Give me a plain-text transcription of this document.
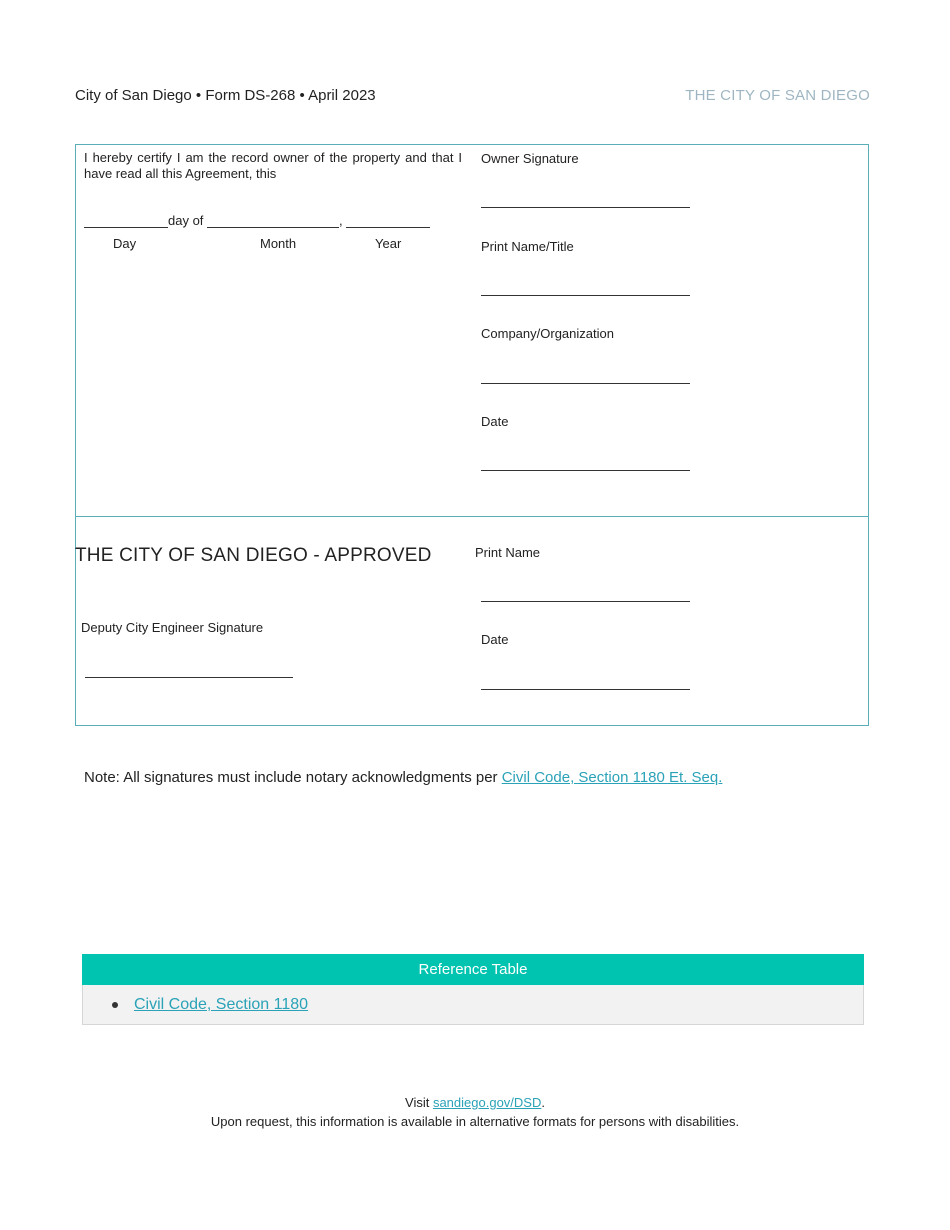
City of San Diego • Form DS-268 • April 2023	THE CITY OF SAN DIEGO
I hereby certify I am the record owner of the property and that I have read all this Agreement, this
day of	,
Day	Month	Year
Owner Signature
Print Name/Title
Company/Organization
Date
THE CITY OF SAN DIEGO - APPROVED
Deputy City Engineer Signature
Print Name
Date
Note: All signatures must include notary acknowledgments per Civil Code, Section 1180 Et. Seq.
Reference Table
Civil Code, Section 1180
Visit sandiego.gov/DSD.
Upon request, this information is available in alternative formats for persons with disabilities.
